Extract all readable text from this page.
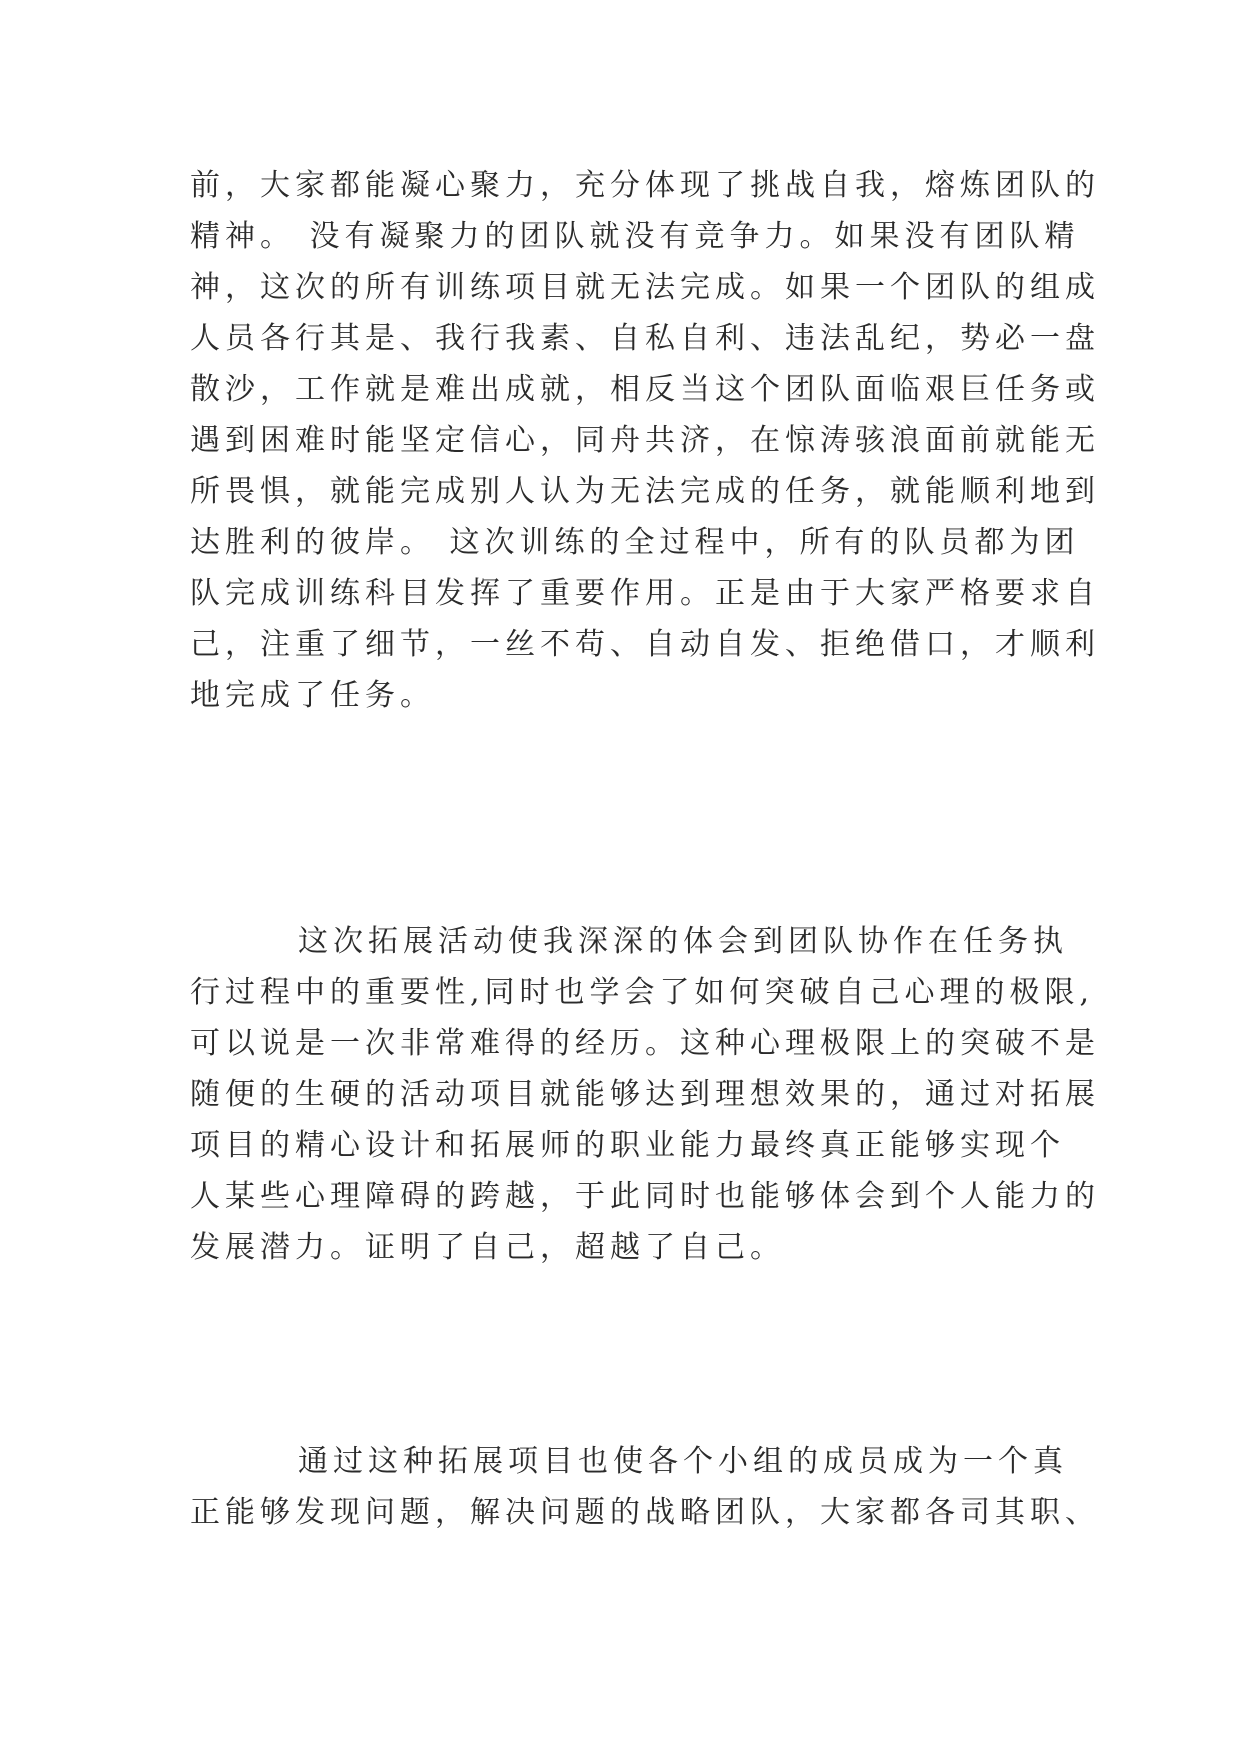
前，大家都能凝心聚力，充分体现了挑战自我，熔炼团队的
精神。 没有凝聚力的团队就没有竞争力。如果没有团队精
神，这次的所有训练项目就无法完成。如果一个团队的组成
人员各行其是、我行我素、自私自利、违法乱纪，势必一盘
散沙，工作就是难出成就，相反当这个团队面临艰巨任务或
遇到困难时能坚定信心，同舟共济，在惊涛骇浪面前就能无
所畏惧，就能完成别人认为无法完成的任务，就能顺利地到
达胜利的彼岸。 这次训练的全过程中，所有的队员都为团
队完成训练科目发挥了重要作用。正是由于大家严格要求自
己，注重了细节，一丝不苟、自动自发、拒绝借口，才顺利
地完成了任务。

这次拓展活动使我深深的体会到团队协作在任务执
行过程中的重要性,同时也学会了如何突破自己心理的极限,
可以说是一次非常难得的经历。这种心理极限上的突破不是
随便的生硬的活动项目就能够达到理想效果的，通过对拓展
项目的精心设计和拓展师的职业能力最终真正能够实现个
人某些心理障碍的跨越，于此同时也能够体会到个人能力的
发展潜力。证明了自己，超越了自己。

通过这种拓展项目也使各个小组的成员成为一个真
正能够发现问题，解决问题的战略团队，大家都各司其职、
